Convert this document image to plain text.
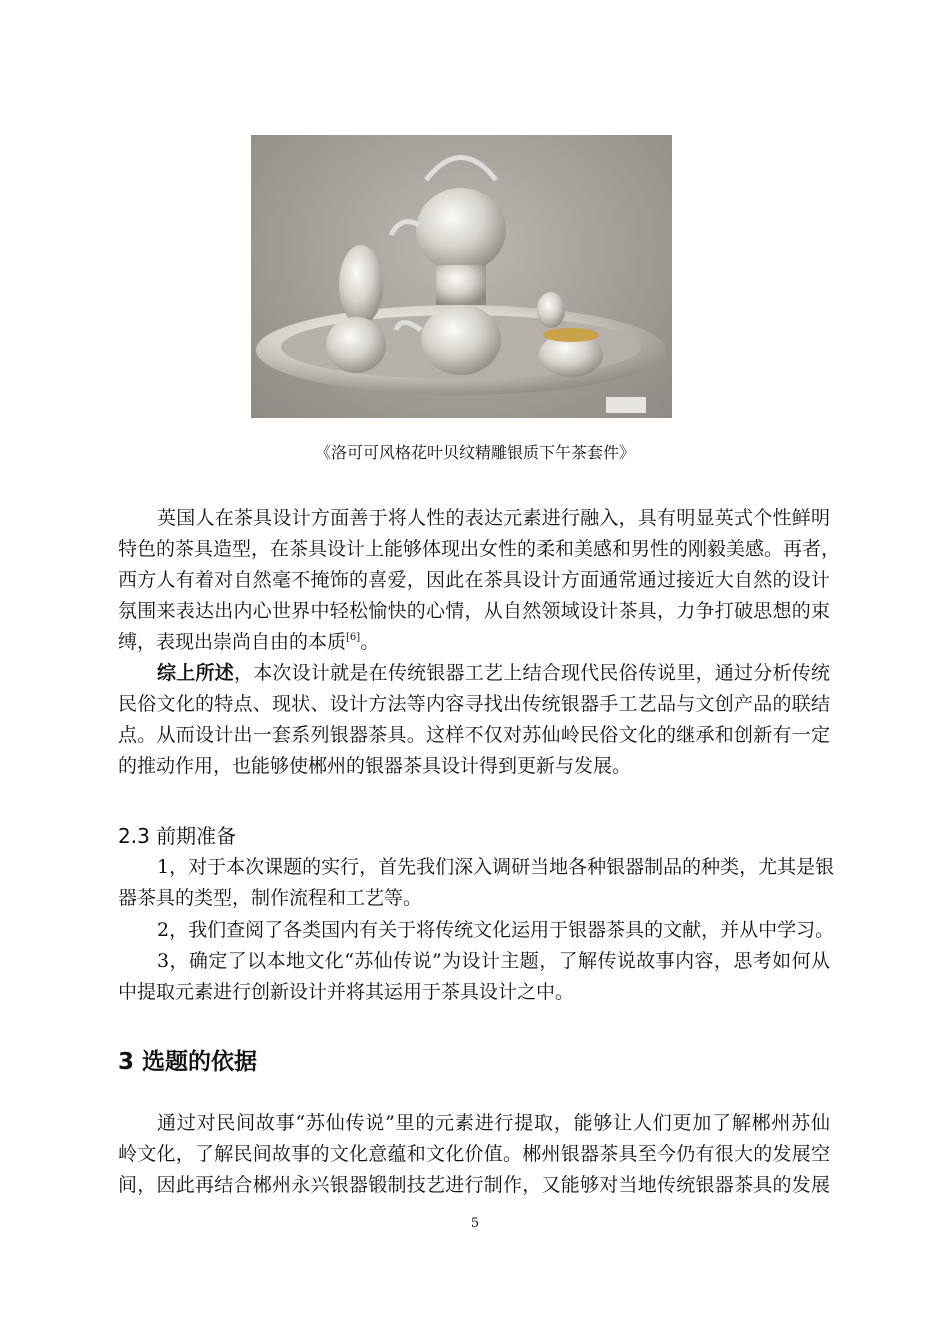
《洛可可风格花叶贝纹精雕银质下午茶套件》
英国人在茶具设计方面善于将人性的表达元素进行融入，具有明显英式个性鲜明
特色的茶具造型，在茶具设计上能够体现出女性的柔和美感和男性的刚毅美感。再者，
西方人有着对自然毫不掩饰的喜爱，因此在茶具设计方面通常通过接近大自然的设计
氛围来表达出内心世界中轻松愉快的心情，从自然领域设计茶具，力争打破思想的束
缚，表现出崇尚自由的本质[6]。
综上所述，本次设计就是在传统银器工艺上结合现代民俗传说里，通过分析传统
民俗文化的特点、现状、设计方法等内容寻找出传统银器手工艺品与文创产品的联结
点。从而设计出一套系列银器茶具。这样不仅对苏仙岭民俗文化的继承和创新有一定
的推动作用，也能够使郴州的银器茶具设计得到更新与发展。
2.3 前期准备
1，对于本次课题的实行，首先我们深入调研当地各种银器制品的种类，尤其是银
器茶具的类型，制作流程和工艺等。
2，我们查阅了各类国内有关于将传统文化运用于银器茶具的文献，并从中学习。
3，确定了以本地文化“苏仙传说”为设计主题，了解传说故事内容，思考如何从
中提取元素进行创新设计并将其运用于茶具设计之中。
3 选题的依据
通过对民间故事“苏仙传说”里的元素进行提取，能够让人们更加了解郴州苏仙
岭文化，了解民间故事的文化意蕴和文化价值。郴州银器茶具至今仍有很大的发展空
间，因此再结合郴州永兴银器锻制技艺进行制作，又能够对当地传统银器茶具的发展
5
